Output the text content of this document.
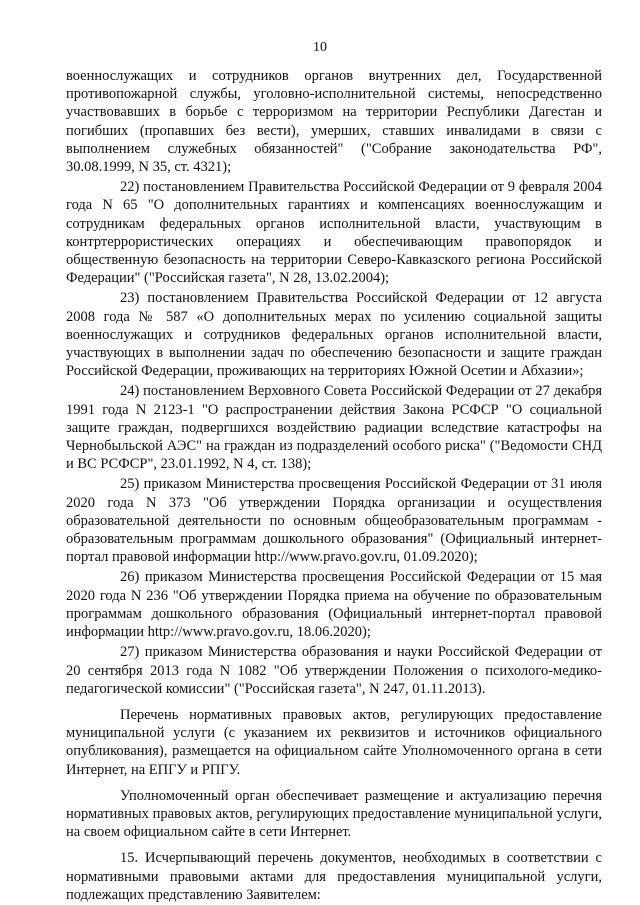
10

военнослужащих и сотрудников органов внутренних дел, Государственной противопожарной службы, уголовно-исполнительной системы, непосредственно участвовавших в борьбе с терроризмом на территории Республики Дагестан и погибших (пропавших без вести), умерших, ставших инвалидами в связи с выполнением служебных обязанностей" ("Собрание законодательства РФ", 30.08.1999, N 35, ст. 4321);

22) постановлением Правительства Российской Федерации от 9 февраля 2004 года N 65 "О дополнительных гарантиях и компенсациях военнослужащим и сотрудникам федеральных органов исполнительной власти, участвующим в контртеррористических операциях и обеспечивающим правопорядок и общественную безопасность на территории Северо-Кавказского региона Российской Федерации" ("Российская газета", N 28, 13.02.2004);

23) постановлением Правительства Российской Федерации от 12 августа 2008 года № 587 «О дополнительных мерах по усилению социальной защиты военнослужащих и сотрудников федеральных органов исполнительной власти, участвующих в выполнении задач по обеспечению безопасности и защите граждан Российской Федерации, проживающих на территориях Южной Осетии и Абхазии»;

24) постановлением Верховного Совета Российской Федерации от 27 декабря 1991 года N 2123-1 "О распространении действия Закона РСФСР "О социальной защите граждан, подвергшихся воздействию радиации вследствие катастрофы на Чернобыльской АЭС" на граждан из подразделений особого риска" ("Ведомости СНД и ВС РСФСР", 23.01.1992, N 4, ст. 138);

25) приказом Министерства просвещения Российской Федерации от 31 июля 2020 года N 373 "Об утверждении Порядка организации и осуществления образовательной деятельности по основным общеобразовательным программам - образовательным программам дошкольного образования" (Официальный интернет-портал правовой информации http://www.pravo.gov.ru, 01.09.2020);

26) приказом Министерства просвещения Российской Федерации от 15 мая 2020 года N 236 "Об утверждении Порядка приема на обучение по образовательным программам дошкольного образования (Официальный интернет-портал правовой информации http://www.pravo.gov.ru, 18.06.2020);

27) приказом Министерства образования и науки Российской Федерации от 20 сентября 2013 года N 1082 "Об утверждении Положения о психолого-медико-педагогической комиссии" ("Российская газета", N 247, 01.11.2013).

Перечень нормативных правовых актов, регулирующих предоставление муниципальной услуги (с указанием их реквизитов и источников официального опубликования), размещается на официальном сайте Уполномоченного органа в сети Интернет, на ЕПГУ и РПГУ.

Уполномоченный орган обеспечивает размещение и актуализацию перечня нормативных правовых актов, регулирующих предоставление муниципальной услуги, на своем официальном сайте в сети Интернет.

15. Исчерпывающий перечень документов, необходимых в соответствии с нормативными правовыми актами для предоставления муниципальной услуги, подлежащих представлению Заявителем:
